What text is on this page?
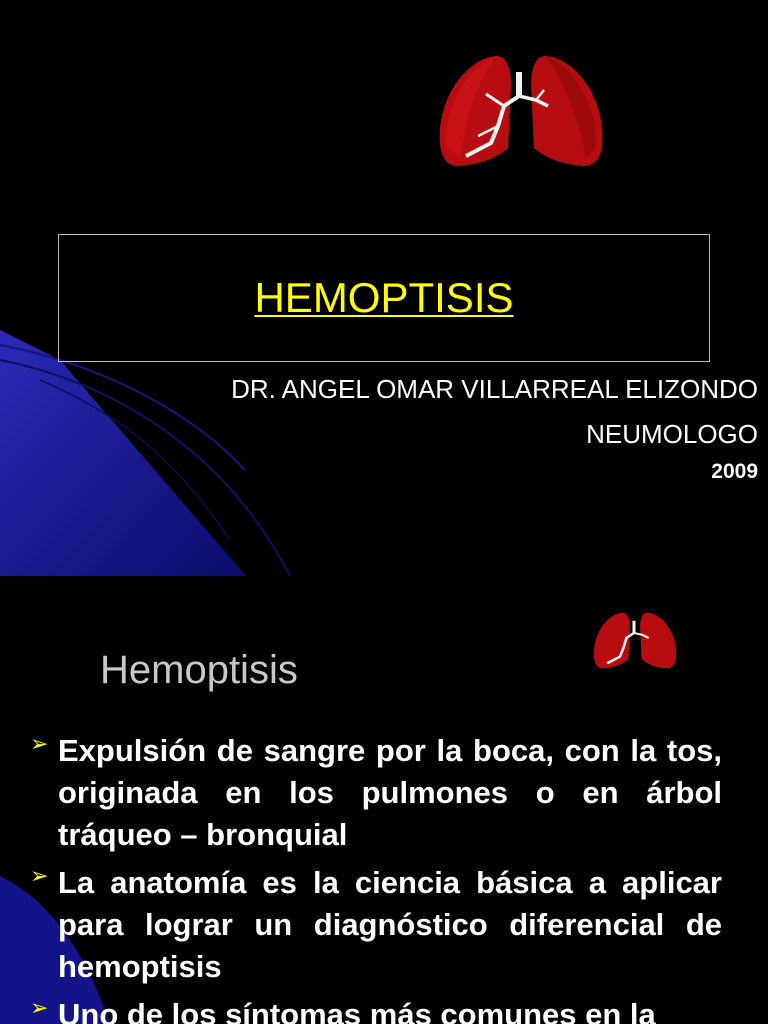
HEMOPTISIS
DR. ANGEL OMAR VILLARREAL ELIZONDO
NEUMOLOGO
2009
Hemoptisis
➢ Expulsión de sangre por la boca, con la tos, originada en los pulmones o en árbol tráqueo – bronquial
➢ La anatomía es la ciencia básica a aplicar para lograr un diagnóstico diferencial de hemoptisis
➢ Uno de los síntomas más comunes en la
